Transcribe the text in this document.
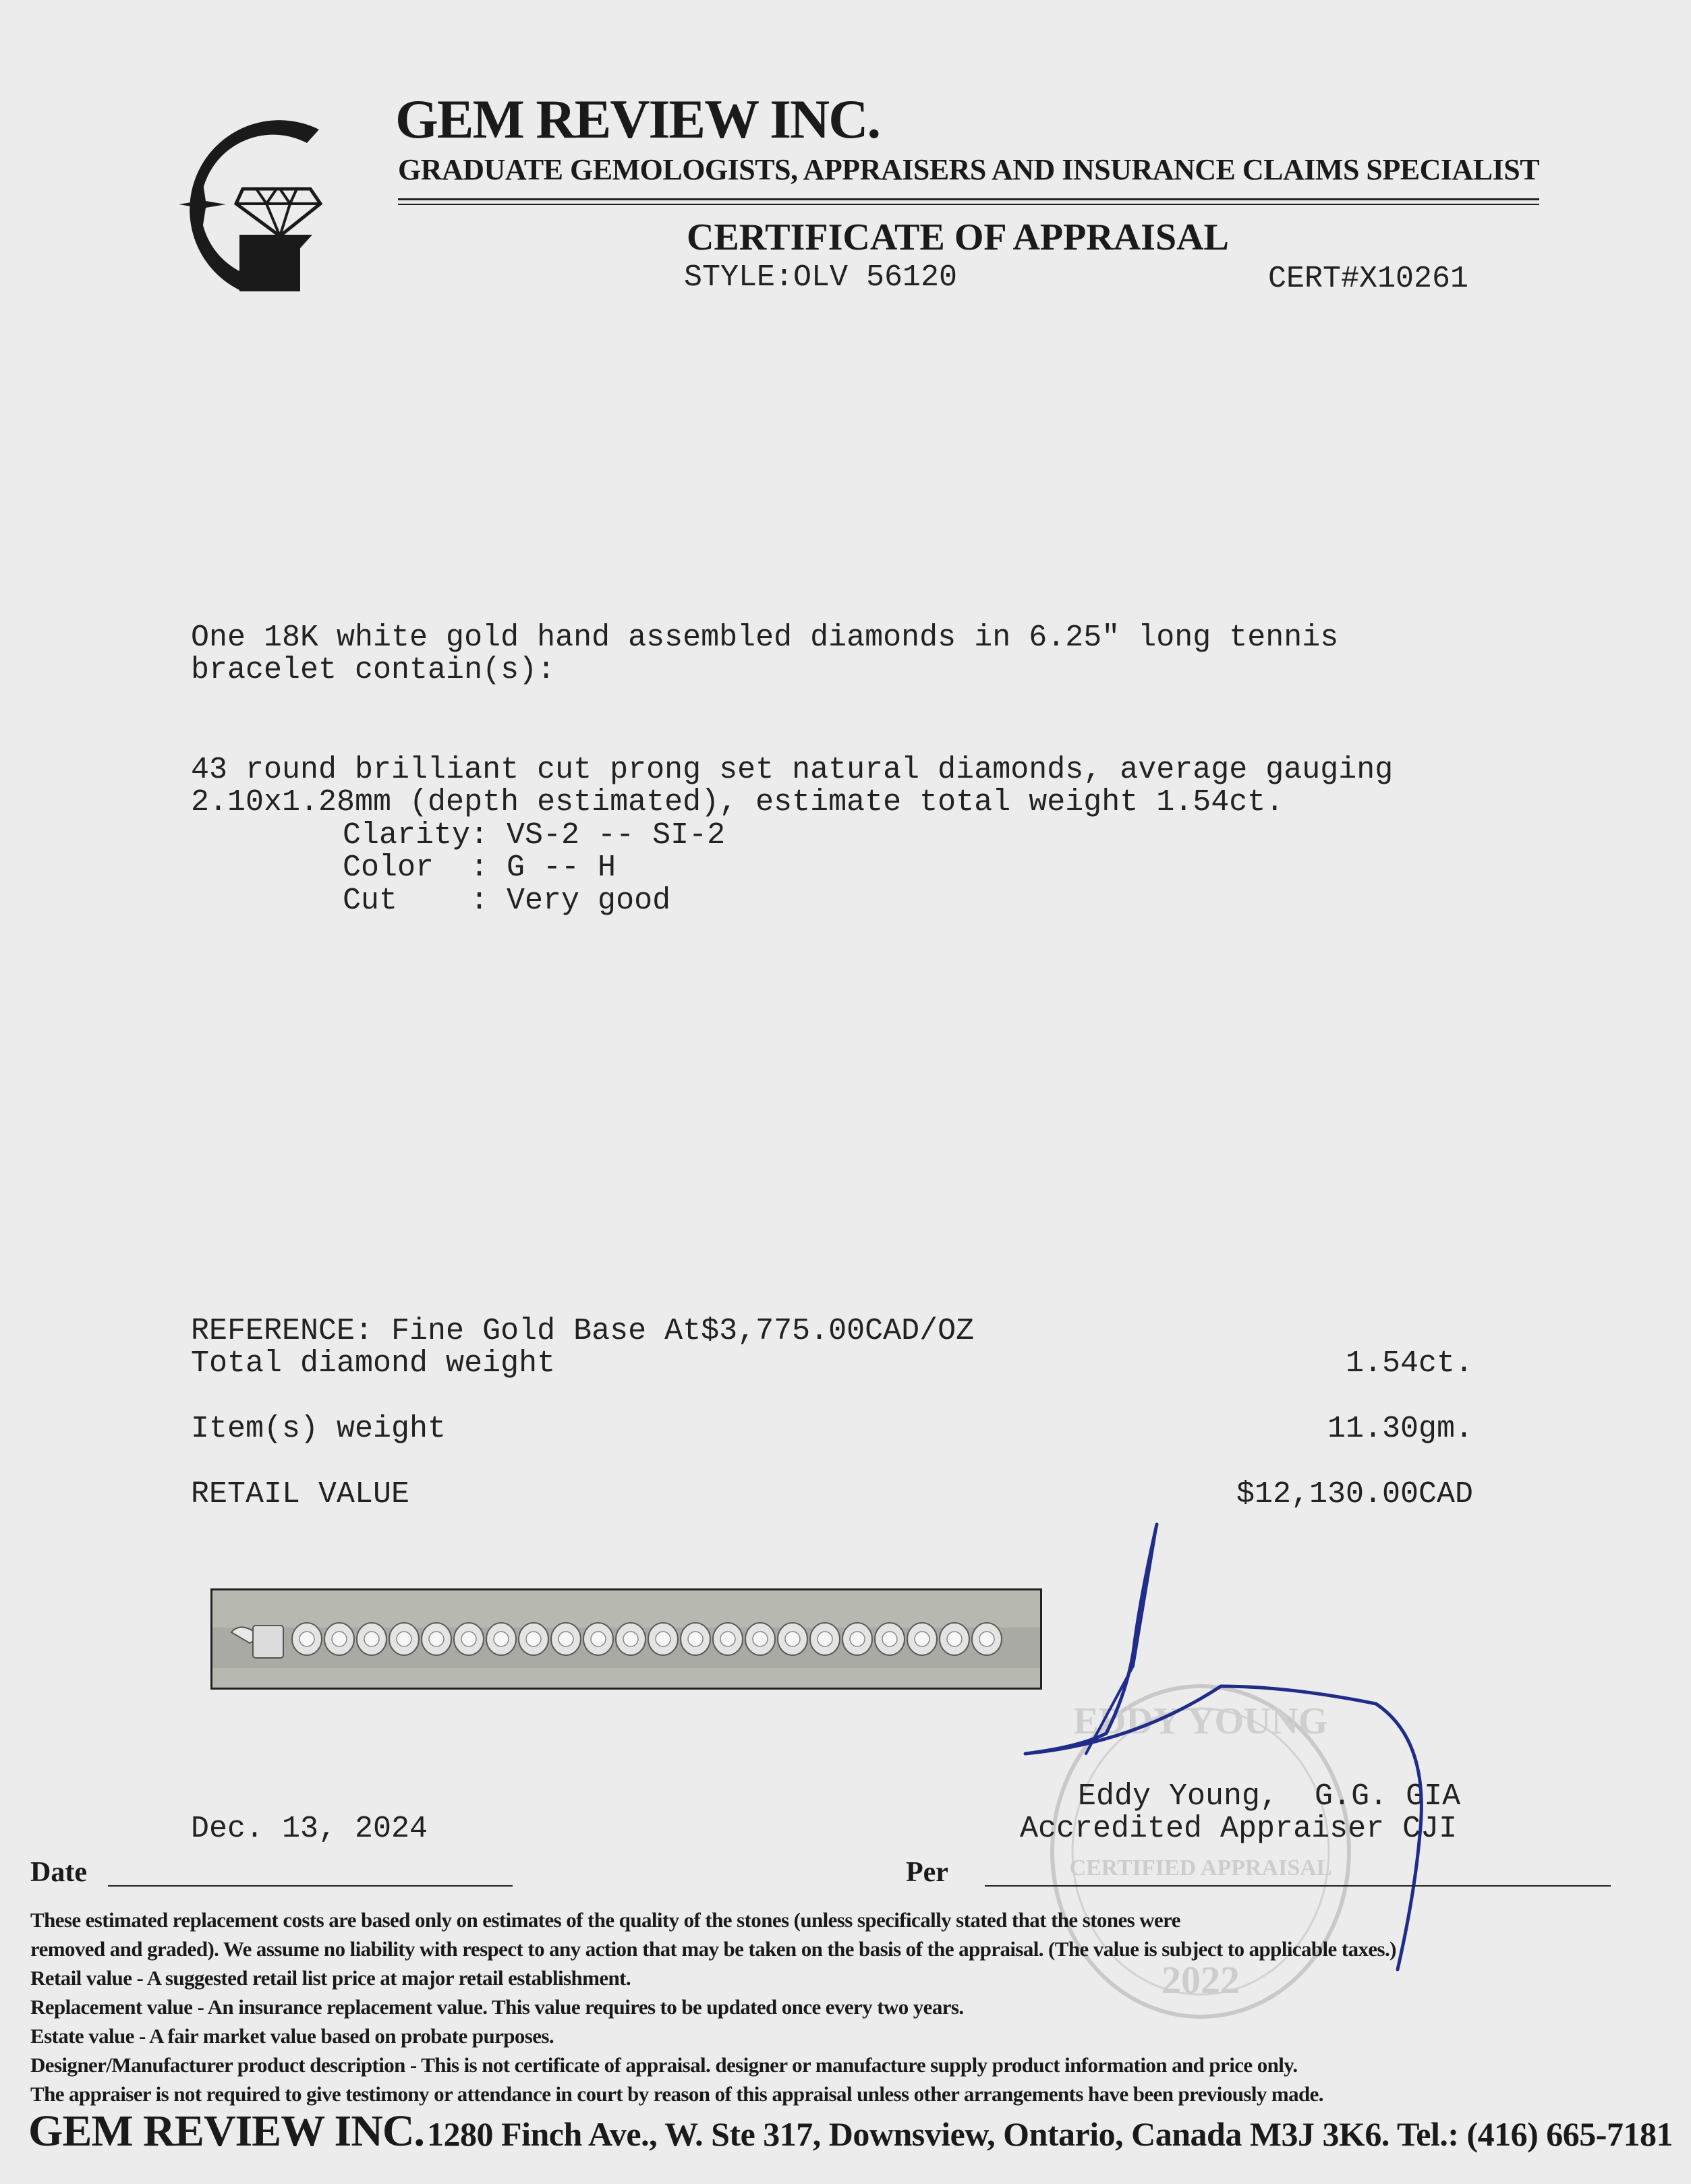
GEM REVIEW INC.
GRADUATE GEMOLOGISTS, APPRAISERS AND INSURANCE CLAIMS SPECIALIST
CERTIFICATE OF APPRAISAL
STYLE:OLV 56120	CERT#X10261
One 18K white gold hand assembled diamonds in 6.25" long tennis
bracelet contain(s):
43 round brilliant cut prong set natural diamonds, average gauging
2.10x1.28mm (depth estimated), estimate total weight 1.54ct.
Clarity: VS-2 -- SI-2
Color  : G -- H
Cut    : Very good
REFERENCE: Fine Gold Base At$3,775.00CAD/OZ
Total diamond weight	1.54ct.
Item(s) weight	11.30gm.
RETAIL VALUE	$12,130.00CAD
EDDY YOUNG
CERTIFIED APPRAISAL
2022
Eddy Young,  G.G. GIA
Accredited Appraiser CJI
Dec. 13, 2024
Date	Per
These estimated replacement costs are based only on estimates of the quality of the stones (unless specifically stated that the stones were
removed and graded). We assume no liability with respect to any action that may be taken on the basis of the appraisal. (The value is subject to applicable taxes.)
Retail value - A suggested retail list price at major retail establishment.
Replacement value - An insurance replacement value. This value requires to be updated once every two years.
Estate value - A fair market value based on probate purposes.
Designer/Manufacturer product description - This is not certificate of appraisal. designer or manufacture supply product information and price only.
The appraiser is not required to give testimony or attendance in court by reason of this appraisal unless other arrangements have been previously made.
GEM REVIEW INC. 1280 Finch Ave., W. Ste 317, Downsview, Ontario, Canada M3J 3K6. Tel.: (416) 665-7181
